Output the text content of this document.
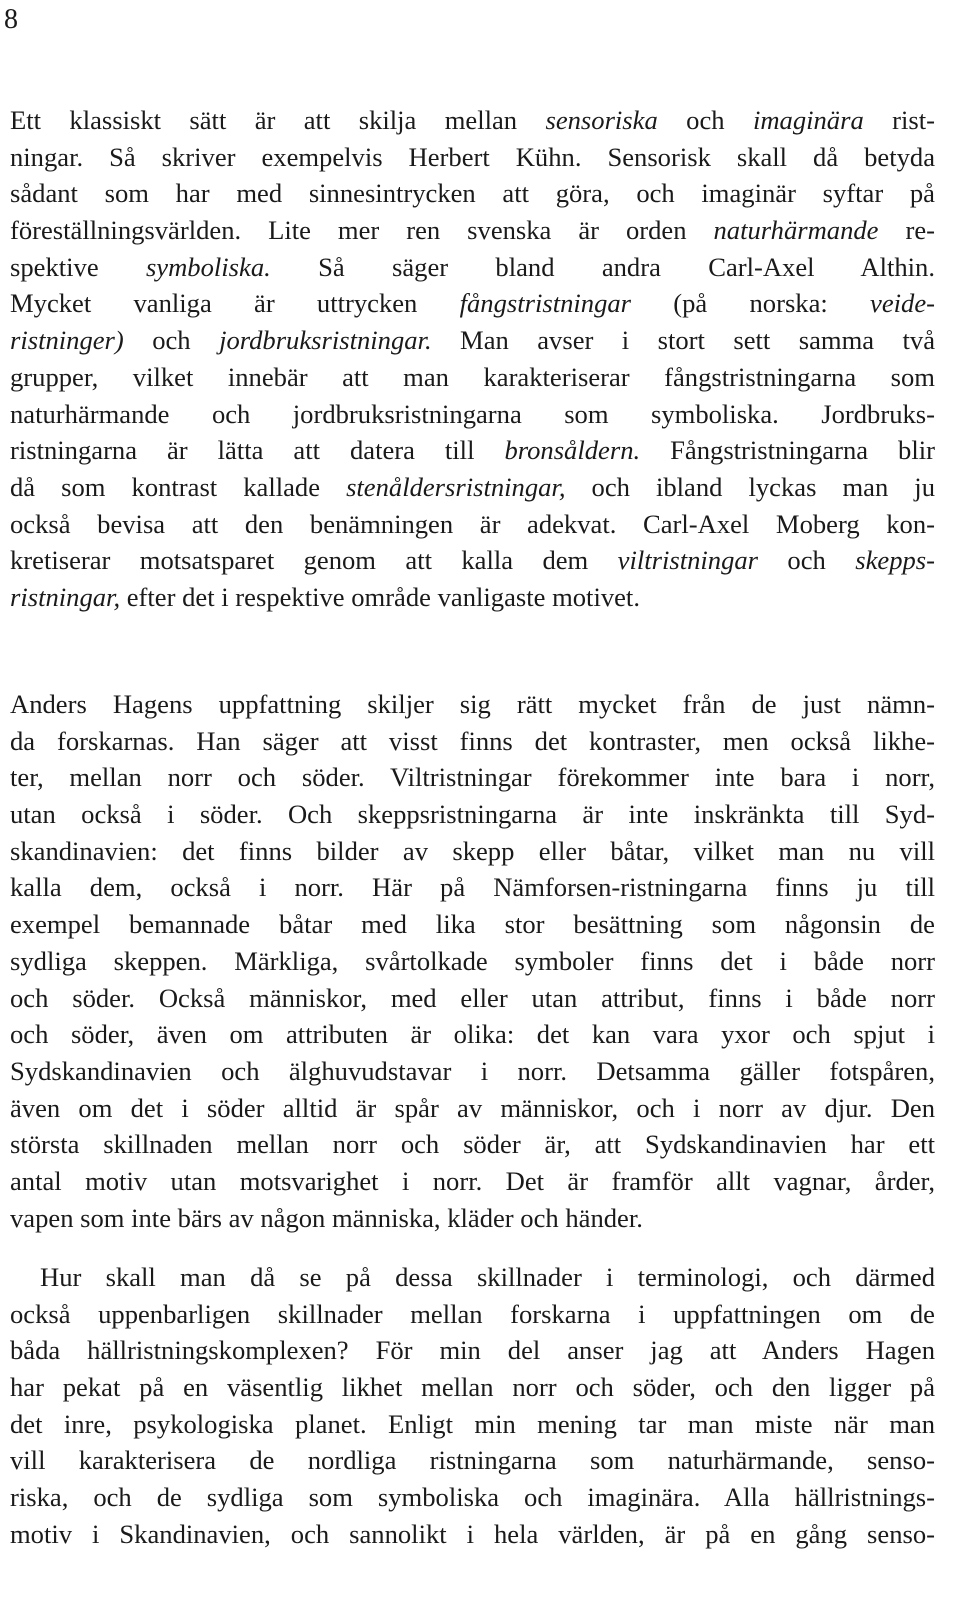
8
Ett klassiskt sätt är att skilja mellan sensoriska och imaginära rist-
ningar. Så skriver exempelvis Herbert Kühn. Sensorisk skall då betyda
sådant som har med sinnesintrycken att göra, och imaginär syftar på
föreställningsvärlden. Lite mer ren svenska är orden naturhärmande re-
spektive symboliska. Så säger bland andra Carl-Axel Althin.
Mycket vanliga är uttrycken fångstristningar (på norska: veide-
ristninger) och jordbruksristningar. Man avser i stort sett samma två
grupper, vilket innebär att man karakteriserar fångstristningarna som
naturhärmande och jordbruksristningarna som symboliska. Jordbruks-
ristningarna är lätta att datera till bronsåldern. Fångstristningarna blir
då som kontrast kallade stenåldersristningar, och ibland lyckas man ju
också bevisa att den benämningen är adekvat. Carl-Axel Moberg kon-
kretiserar motsatsparet genom att kalla dem viltristningar och skepps-
ristningar, efter det i respektive område vanligaste motivet.
Anders Hagens uppfattning skiljer sig rätt mycket från de just nämn-
da forskarnas. Han säger att visst finns det kontraster, men också likhe-
ter, mellan norr och söder. Viltristningar förekommer inte bara i norr,
utan också i söder. Och skeppsristningarna är inte inskränkta till Syd-
skandinavien: det finns bilder av skepp eller båtar, vilket man nu vill
kalla dem, också i norr. Här på Nämforsen-ristningarna finns ju till
exempel bemannade båtar med lika stor besättning som någonsin de
sydliga skeppen. Märkliga, svårtolkade symboler finns det i både norr
och söder. Också människor, med eller utan attribut, finns i både norr
och söder, även om attributen är olika: det kan vara yxor och spjut i
Sydskandinavien och älghuvudstavar i norr. Detsamma gäller fotspåren,
även om det i söder alltid är spår av människor, och i norr av djur. Den
största skillnaden mellan norr och söder är, att Sydskandinavien har ett
antal motiv utan motsvarighet i norr. Det är framför allt vagnar, årder,
vapen som inte bärs av någon människa, kläder och händer.
Hur skall man då se på dessa skillnader i terminologi, och därmed
också uppenbarligen skillnader mellan forskarna i uppfattningen om de
båda hällristningskomplexen? För min del anser jag att Anders Hagen
har pekat på en väsentlig likhet mellan norr och söder, och den ligger på
det inre, psykologiska planet. Enligt min mening tar man miste när man
vill karakterisera de nordliga ristningarna som naturhärmande, senso-
riska, och de sydliga som symboliska och imaginära. Alla hällristnings-
motiv i Skandinavien, och sannolikt i hela världen, är på en gång senso-
